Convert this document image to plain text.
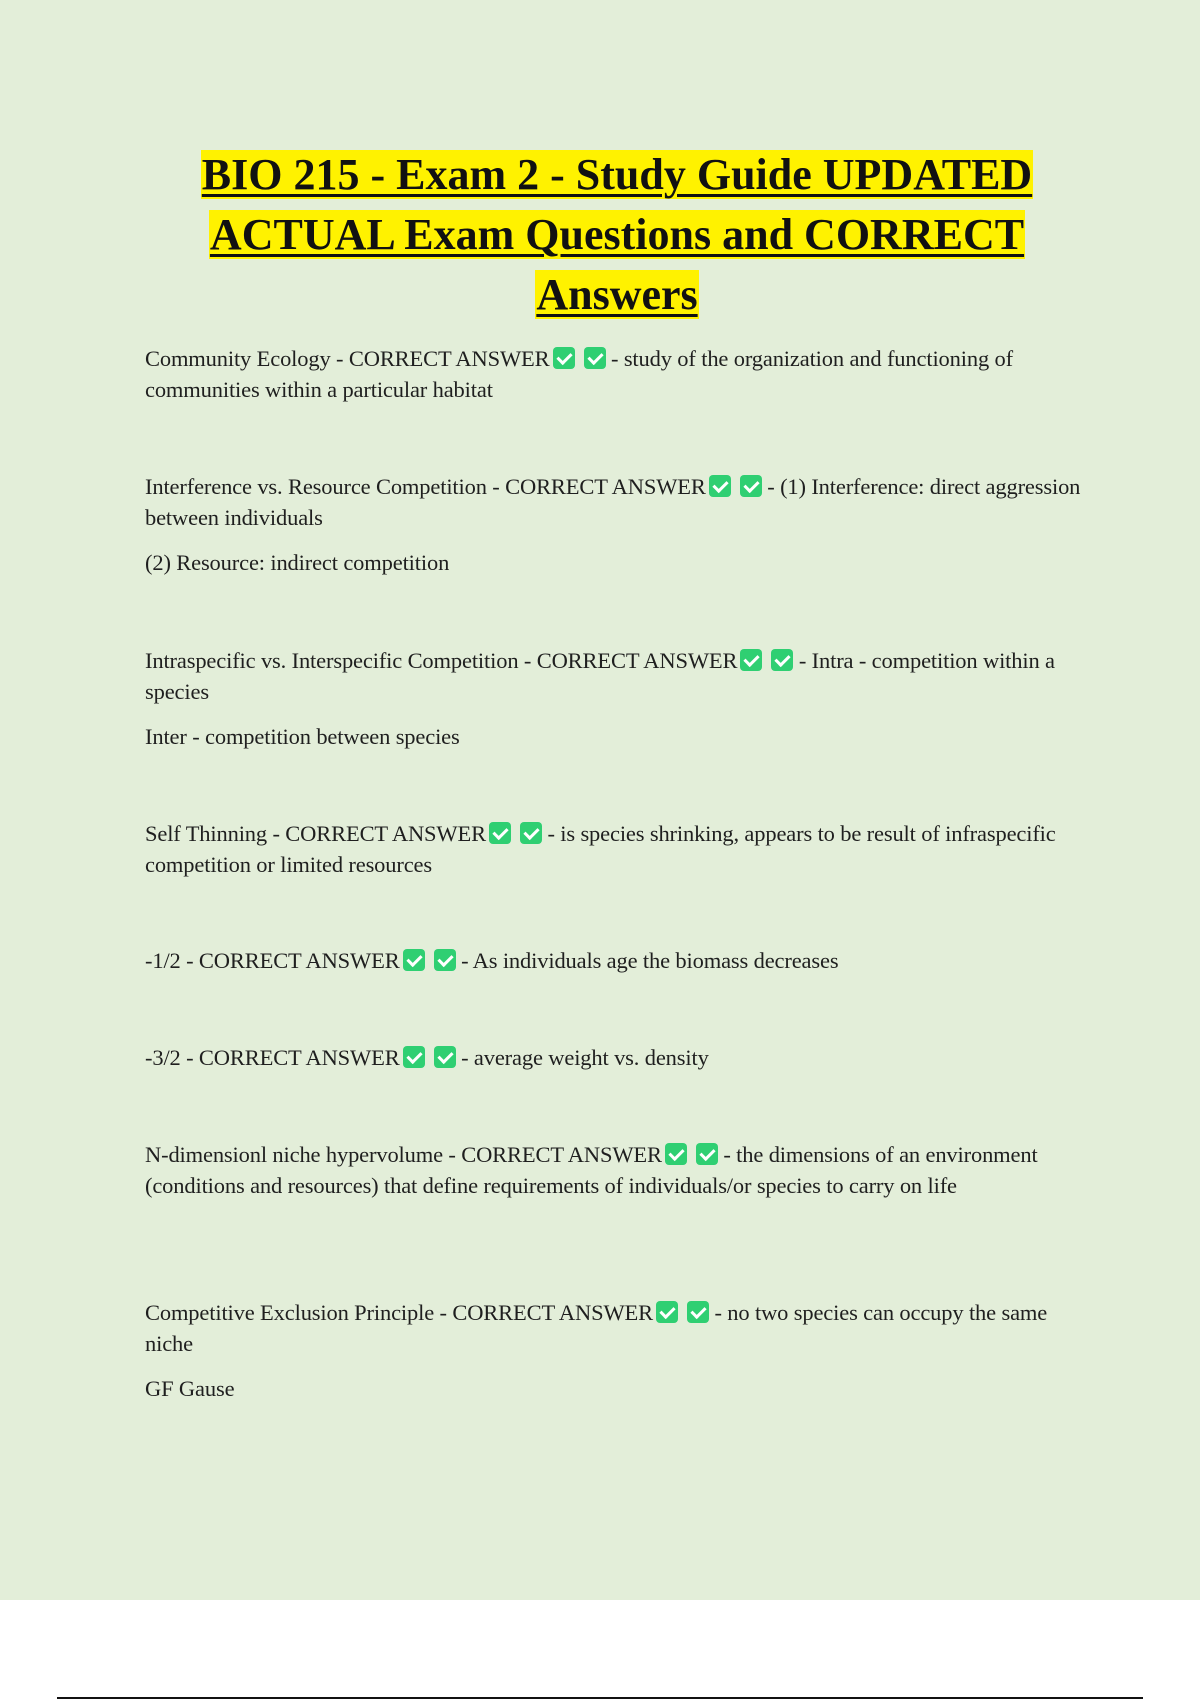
BIO 215 - Exam 2 - Study Guide UPDATED ACTUAL Exam Questions and CORRECT Answers

Community Ecology - CORRECT ANSWER	- study of the organization and functioning of communities within a particular habitat

Interference vs. Resource Competition - CORRECT ANSWER	- (1) Interference: direct aggression between individuals

(2) Resource: indirect competition

Intraspecific vs. Interspecific Competition - CORRECT ANSWER	- Intra - competition within a species

Inter - competition between species

Self Thinning - CORRECT ANSWER	- is species shrinking, appears to be result of infraspecific competition or limited resources

-1/2 - CORRECT ANSWER	- As individuals age the biomass decreases

-3/2 - CORRECT ANSWER	- average weight vs. density

N-dimensionl niche hypervolume - CORRECT ANSWER	- the dimensions of an environment (conditions and resources) that define requirements of individuals/or species to carry on life

Competitive Exclusion Principle - CORRECT ANSWER	- no two species can occupy the same niche

GF Gause
